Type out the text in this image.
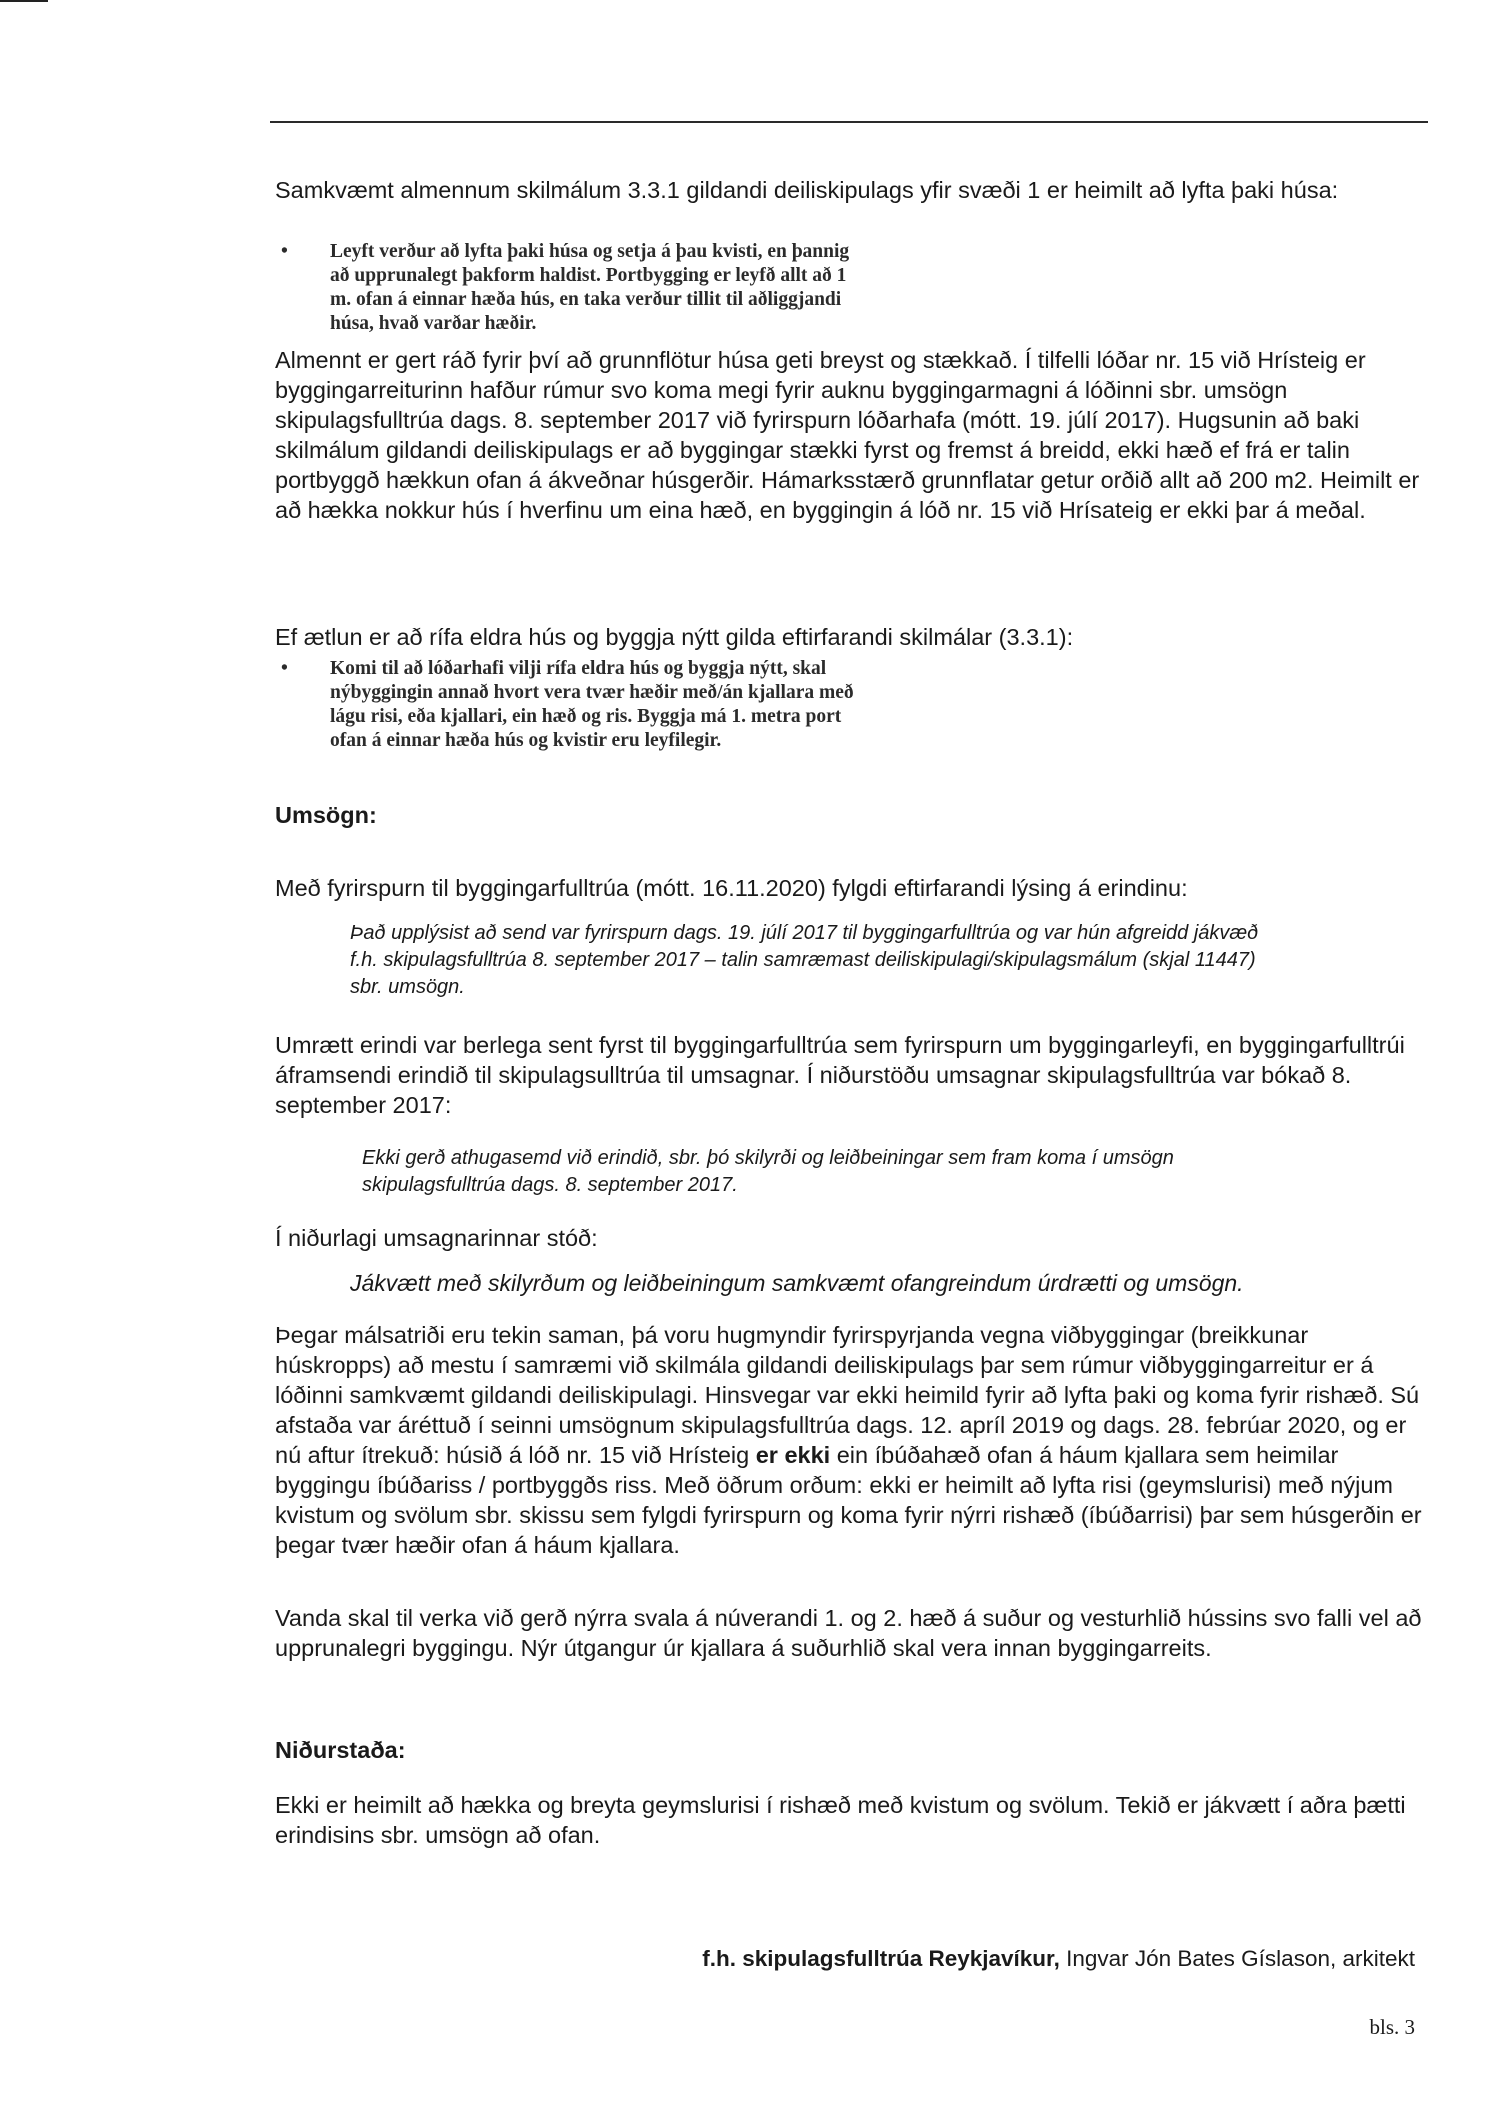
Samkvæmt almennum skilmálum 3.3.1 gildandi deiliskipulags yfir svæði 1 er heimilt að lyfta þaki húsa:

• Leyft verður að lyfta þaki húsa og setja á þau kvisti, en þannig
að upprunalegt þakform haldist. Portbygging er leyfð allt að 1
m. ofan á einnar hæða hús, en taka verður tillit til aðliggjandi
húsa, hvað varðar hæðir.

Almennt er gert ráð fyrir því að grunnflötur húsa geti breyst og stækkað. Í tilfelli lóðar nr. 15 við Hrísteig er byggingarreiturinn hafður rúmur svo koma megi fyrir auknu byggingarmagni á lóðinni sbr. umsögn skipulagsfulltrúa dags. 8. september 2017 við fyrirspurn lóðarhafa (mótt. 19. júlí 2017). Hugsunin að baki skilmálum gildandi deiliskipulags er að byggingar stækki fyrst og fremst á breidd, ekki hæð ef frá er talin portbyggð hækkun ofan á ákveðnar húsgerðir. Hámarksstærð grunnflatar getur orðið allt að 200 m2. Heimilt er að hækka nokkur hús í hverfinu um eina hæð, en byggingin á lóð nr. 15 við Hrísateig er ekki þar á meðal.

Ef ætlun er að rífa eldra hús og byggja nýtt gilda eftirfarandi skilmálar (3.3.1):

• Komi til að lóðarhafi vilji rífa eldra hús og byggja nýtt, skal
nýbyggingin annað hvort vera tvær hæðir með/án kjallara með
lágu risi, eða kjallari, ein hæð og ris. Byggja má 1. metra port
ofan á einnar hæða hús og kvistir eru leyfilegir.
Umsögn:

Með fyrirspurn til byggingarfulltrúa (mótt. 16.11.2020) fylgdi eftirfarandi lýsing á erindinu:

Það upplýsist að send var fyrirspurn dags. 19. júlí 2017 til byggingarfulltrúa og var hún afgreidd jákvæð
f.h. skipulagsfulltrúa 8. september 2017 – talin samræmast deiliskipulagi/skipulagsmálum (skjal 11447)
sbr. umsögn.

Umrætt erindi var berlega sent fyrst til byggingarfulltrúa sem fyrirspurn um byggingarleyfi, en byggingarfulltrúi áframsendi erindið til skipulagsulltrúa til umsagnar. Í niðurstöðu umsagnar skipulagsfulltrúa var bókað 8. september 2017:

Ekki gerð athugasemd við erindið, sbr. þó skilyrði og leiðbeiningar sem fram koma í umsögn
skipulagsfulltrúa dags. 8. september 2017.

Í niðurlagi umsagnarinnar stóð:

Jákvætt með skilyrðum og leiðbeiningum samkvæmt ofangreindum úrdrætti og umsögn.

Þegar málsatriði eru tekin saman, þá voru hugmyndir fyrirspyrjanda vegna viðbyggingar (breikkunar húskropps) að mestu í samræmi við skilmála gildandi deiliskipulags þar sem rúmur viðbyggingarreitur er á lóðinni samkvæmt gildandi deiliskipulagi. Hinsvegar var ekki heimild fyrir að lyfta þaki og koma fyrir rishæð. Sú afstaða var áréttuð í seinni umsögnum skipulagsfulltrúa dags. 12. apríl 2019 og dags. 28. febrúar 2020, og er nú aftur ítrekuð: húsið á lóð nr. 15 við Hrísteig er ekki ein íbúðahæð ofan á háum kjallara sem heimilar byggingu íbúðariss / portbyggðs riss. Með öðrum orðum: ekki er heimilt að lyfta risi (geymslurisi) með nýjum kvistum og svölum sbr. skissu sem fylgdi fyrirspurn og koma fyrir nýrri rishæð (íbúðarrisi) þar sem húsgerðin er þegar tvær hæðir ofan á háum kjallara.

Vanda skal til verka við gerð nýrra svala á núverandi 1. og 2. hæð á suður og vesturhlið hússins svo falli vel að upprunalegri byggingu. Nýr útgangur úr kjallara á suðurhlið skal vera innan byggingarreits.

Niðurstaða:

Ekki er heimilt að hækka og breyta geymslurisi í rishæð með kvistum og svölum. Tekið er jákvætt í aðra þætti erindisins sbr. umsögn að ofan.

f.h. skipulagsfulltrúa Reykjavíkur, Ingvar Jón Bates Gíslason, arkitekt
bls. 3
